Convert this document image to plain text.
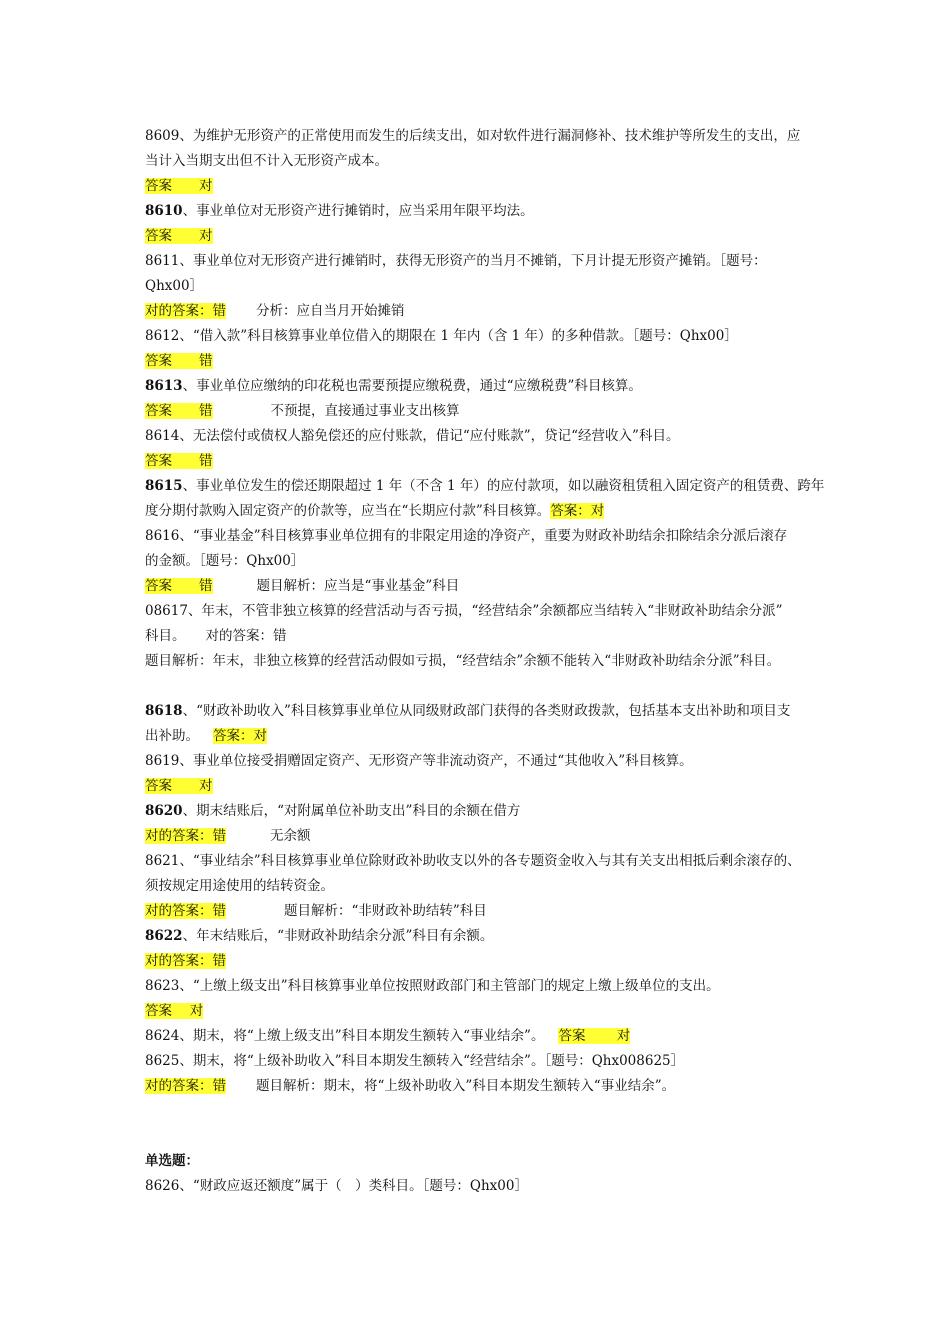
8609、为维护无形资产的正常使用而发生的后续支出，如对软件进行漏洞修补、技术维护等所发生的支出，应
当计入当期支出但不计入无形资产成本。
答案　　对
8610、事业单位对无形资产进行摊销时，应当采用年限平均法。
答案　　对
8611、事业单位对无形资产进行摊销时，获得无形资产的当月不摊销，下月计提无形资产摊销。［题号：
Qhx00］
对的答案：错 分析：应自当月开始摊销
8612、“借入款”科目核算事业单位借入的期限在 1 年内（含 1 年）的多种借款。［题号：Qhx00］
答案　　错
8613、事业单位应缴纳的印花税也需要预提应缴税费，通过“应缴税费”科目核算。
答案　　错	不预提，直接通过事业支出核算
8614、无法偿付或债权人豁免偿还的应付账款，借记“应付账款”，贷记“经营收入”科目。
答案　　错
8615、事业单位发生的偿还期限超过 1 年（不含 1 年）的应付款项，如以融资租赁租入固定资产的租赁费、跨年
度分期付款购入固定资产的价款等，应当在“长期应付款”科目核算。答案：对
8616、“事业基金”科目核算事业单位拥有的非限定用途的净资产，重要为财政补助结余扣除结余分派后滚存
的金额。［题号：Qhx00］
答案　　错	题目解析：应当是“事业基金”科目
08617、年末，不管非独立核算的经营活动与否亏损，“经营结余”余额都应当结转入“非财政补助结余分派”
科目。 对的答案：错
题目解析：年末，非独立核算的经营活动假如亏损，“经营结余”余额不能转入“非财政补助结余分派”科目。
8618、“财政补助收入”科目核算事业单位从同级财政部门获得的各类财政拨款，包括基本支出补助和项目支
出补助。 答案：对
8619、事业单位接受捐赠固定资产、无形资产等非流动资产，不通过“其他收入”科目核算。
答案　　对
8620、期末结账后，“对附属单位补助支出”科目的余额在借方
对的答案：错	无余额
8621、“事业结余”科目核算事业单位除财政补助收支以外的各专题资金收入与其有关支出相抵后剩余滚存的、
须按规定用途使用的结转资金。
对的答案：错	题目解析：“非财政补助结转”科目
8622、年末结账后，“非财政补助结余分派”科目有余额。
对的答案：错
8623、“上缴上级支出”科目核算事业单位按照财政部门和主管部门的规定上缴上级单位的支出。
答案　 对
8624、期末，将“上缴上级支出”科目本期发生额转入“事业结余”。 答案　　 对
8625、期末，将“上级补助收入”科目本期发生额转入“经营结余”。［题号：Qhx008625］
对的答案：错 题目解析：期末，将“上级补助收入”科目本期发生额转入“事业结余”。
单选题：
8626、“财政应返还额度”属于（　）类科目。［题号：Qhx00］
